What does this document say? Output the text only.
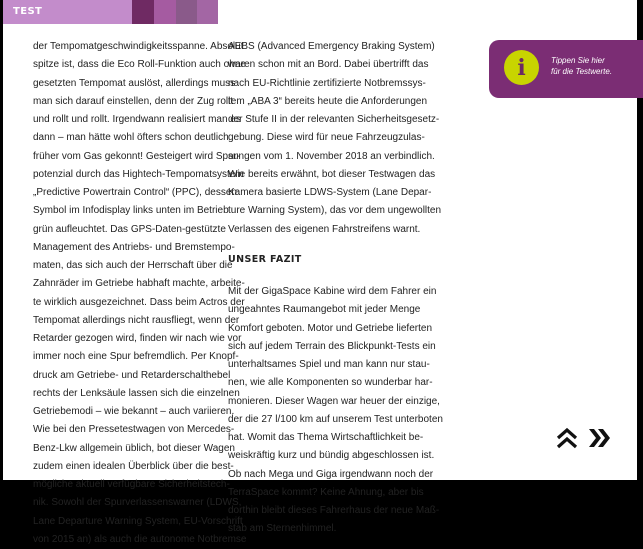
TEST
der Tempomatgeschwindigkeitsspanne. Absolut
spitze ist, dass die Eco Roll-Funktion auch ohne
gesetzten Tempomat auslöst, allerdings muss
man sich darauf einstellen, denn der Zug rollt
und rollt und rollt. Irgendwann realisiert man es
dann – man hätte wohl öfters schon deutlich
früher vom Gas gekonnt! Gesteigert wird Spar-
potenzial durch das Hightech-Tempomatsystem
„Predictive Powertrain Control“ (PPC), dessen
Symbol im Infodisplay links unten im Betrieb
grün aufleuchtet. Das GPS-Daten-gestützte
Management des Antriebs- und Bremstempo-
maten, das sich auch der Herrschaft über die
Zahnräder im Getriebe habhaft machte, arbeite-
te wirklich ausgezeichnet. Dass beim Actros der
Tempomat allerdings nicht rausfliegt, wenn der
Retarder gezogen wird, finden wir nach wie vor
immer noch eine Spur befremdlich. Per Knopf-
druck am Getriebe- und Retarderschalthebel
rechts der Lenksäule lassen sich die einzelnen
Getriebemodi – wie bekannt – auch variieren.
Wie bei den Pressetestwagen von Mercedes-
Benz-Lkw allgemein üblich, bot dieser Wagen
zudem einen idealen Überblick über die best-
mögliche aktuell verfügbare Sicherheitstech-
nik. Sowohl der Spurverlassenswarner (LDWS,
Lane Departure Warning System, EU-Vorschrift
von 2015 an) als auch die autonome Notbremse
AEBS (Advanced Emergency Braking System)
waren schon mit an Bord. Dabei übertrifft das
nach EU-Richtlinie zertifizierte Notbremssys-
tem „ABA 3“ bereits heute die Anforderungen
der Stufe II in der relevanten Sicherheitsgesetz-
gebung. Diese wird für neue Fahrzeugzulas-
sungen vom 1. November 2018 an verbindlich.
Wie bereits erwähnt, bot dieser Testwagen das
Kamera basierte LDWS-System (Lane Depar-
ture Warning System), das vor dem ungewollten
Verlassen des eigenen Fahrstreifens warnt.
UNSER FAZIT
Mit der GigaSpace Kabine wird dem Fahrer ein
ungeahntes Raumangebot mit jeder Menge
Komfort geboten. Motor und Getriebe lieferten
sich auf jedem Terrain des Blickpunkt-Tests ein
unterhaltsames Spiel und man kann nur stau-
nen, wie alle Komponenten so wunderbar har-
monieren. Dieser Wagen war heuer der einzige,
der die 27 l/100 km auf unserem Test unterboten
hat. Womit das Thema Wirtschaftlichkeit be-
weiskräftig kurz und bündig abgeschlossen ist.
Ob nach Mega und Giga irgendwann noch der
TerraSpace kommt? Keine Ahnung, aber bis
dorthin bleibt dieses Fahrerhaus der neue Maß-
stab am Sternenhimmel.
i	Tippen Sie hier
für die Testwerte.
